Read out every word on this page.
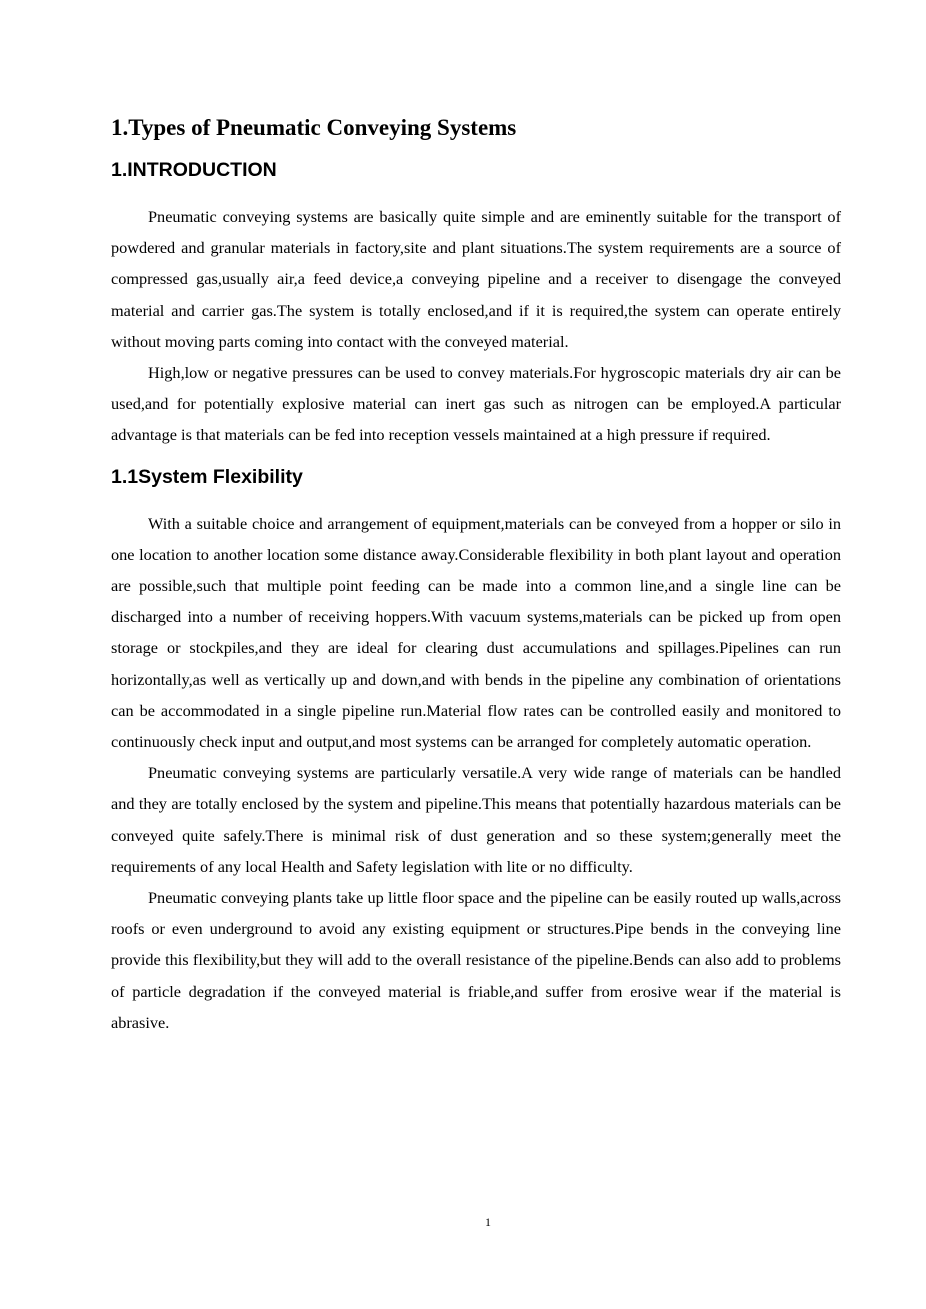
1.Types of Pneumatic Conveying Systems
1.INTRODUCTION

Pneumatic conveying systems are basically quite simple and are eminently suitable for the transport of powdered and granular materials in factory,site and plant situations.The system requirements are a source of compressed gas,usually air,a feed device,a conveying pipeline and a receiver to disengage the conveyed material and carrier gas.The system is totally enclosed,and if it is required,the system can operate entirely without moving parts coming into contact with the conveyed material.

High,low or negative pressures can be used to convey materials.For hygroscopic materials dry air can be used,and for potentially explosive material can inert gas such as nitrogen can be employed.A particular advantage is that materials can be fed into reception vessels maintained at a high pressure if required.

1.1System Flexibility

With a suitable choice and arrangement of equipment,materials can be conveyed from a hopper or silo in one location to another location some distance away.Considerable flexibility in both plant layout and operation are possible,such that multiple point feeding can be made into a common line,and a single line can be discharged into a number of receiving hoppers.With vacuum systems,materials can be picked up from open storage or stockpiles,and they are ideal for clearing dust accumulations and spillages.Pipelines can run horizontally,as well as vertically up and down,and with bends in the pipeline any combination of orientations can be accommodated in a single pipeline run.Material flow rates can be controlled easily and monitored to continuously check input and output,and most systems can be arranged for completely automatic operation.

Pneumatic conveying systems are particularly versatile.A very wide range of materials can be handled and they are totally enclosed by the system and pipeline.This means that potentially hazardous materials can be conveyed quite safely.There is minimal risk of dust generation and so these system;generally meet the requirements of any local Health and Safety legislation with lite or no difficulty.

Pneumatic conveying plants take up little floor space and the pipeline can be easily routed up walls,across roofs or even underground to avoid any existing equipment or structures.Pipe bends in the conveying line provide this flexibility,but they will add to the overall resistance of the pipeline.Bends can also add to problems of particle degradation if the conveyed material is friable,and suffer from erosive wear if the material is abrasive.

1
